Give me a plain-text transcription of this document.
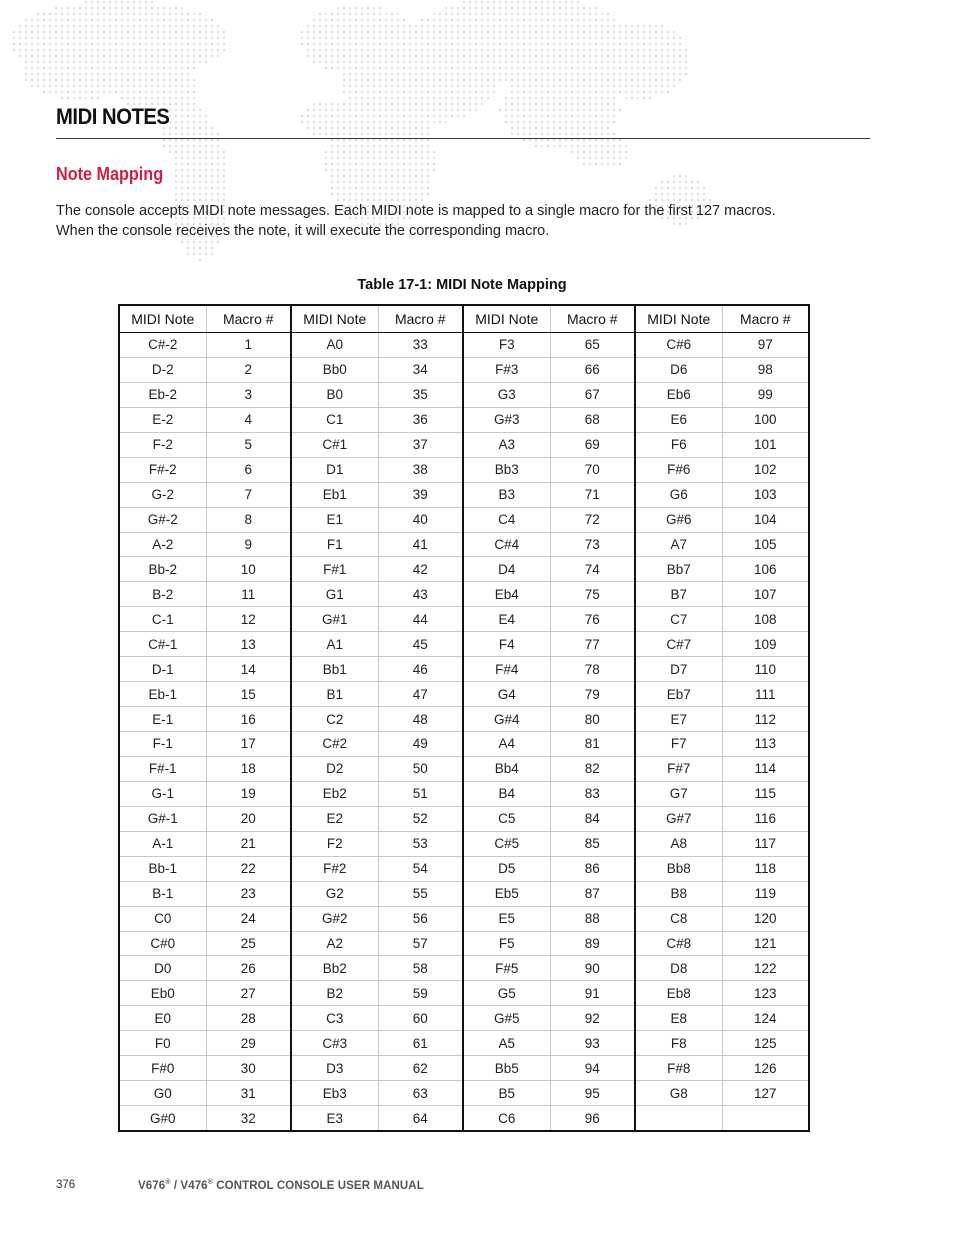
MIDI NOTES
Note Mapping

The console accepts MIDI note messages. Each MIDI note is mapped to a single macro for the first 127 macros.

When the console receives the note, it will execute the corresponding macro.

Table 17-1: MIDI Note Mapping
MIDI Note	Macro #	MIDI Note	Macro #	MIDI Note	Macro #	MIDI Note	Macro #
C#-2	1	A0	33	F3	65	C#6	97
D-2	2	Bb0	34	F#3	66	D6	98
Eb-2	3	B0	35	G3	67	Eb6	99
E-2	4	C1	36	G#3	68	E6	100
F-2	5	C#1	37	A3	69	F6	101
F#-2	6	D1	38	Bb3	70	F#6	102
G-2	7	Eb1	39	B3	71	G6	103
G#-2	8	E1	40	C4	72	G#6	104
A-2	9	F1	41	C#4	73	A7	105
Bb-2	10	F#1	42	D4	74	Bb7	106
B-2	11	G1	43	Eb4	75	B7	107
C-1	12	G#1	44	E4	76	C7	108
C#-1	13	A1	45	F4	77	C#7	109
D-1	14	Bb1	46	F#4	78	D7	110
Eb-1	15	B1	47	G4	79	Eb7	111
E-1	16	C2	48	G#4	80	E7	112
F-1	17	C#2	49	A4	81	F7	113
F#-1	18	D2	50	Bb4	82	F#7	114
G-1	19	Eb2	51	B4	83	G7	115
G#-1	20	E2	52	C5	84	G#7	116
A-1	21	F2	53	C#5	85	A8	117
Bb-1	22	F#2	54	D5	86	Bb8	118
B-1	23	G2	55	Eb5	87	B8	119
C0	24	G#2	56	E5	88	C8	120
C#0	25	A2	57	F5	89	C#8	121
D0	26	Bb2	58	F#5	90	D8	122
Eb0	27	B2	59	G5	91	Eb8	123
E0	28	C3	60	G#5	92	E8	124
F0	29	C#3	61	A5	93	F8	125
F#0	30	D3	62	Bb5	94	F#8	126
G0	31	Eb3	63	B5	95	G8	127
G#0	32	E3	64	C6	96		
376	V676® / V476® CONTROL CONSOLE USER MANUAL
